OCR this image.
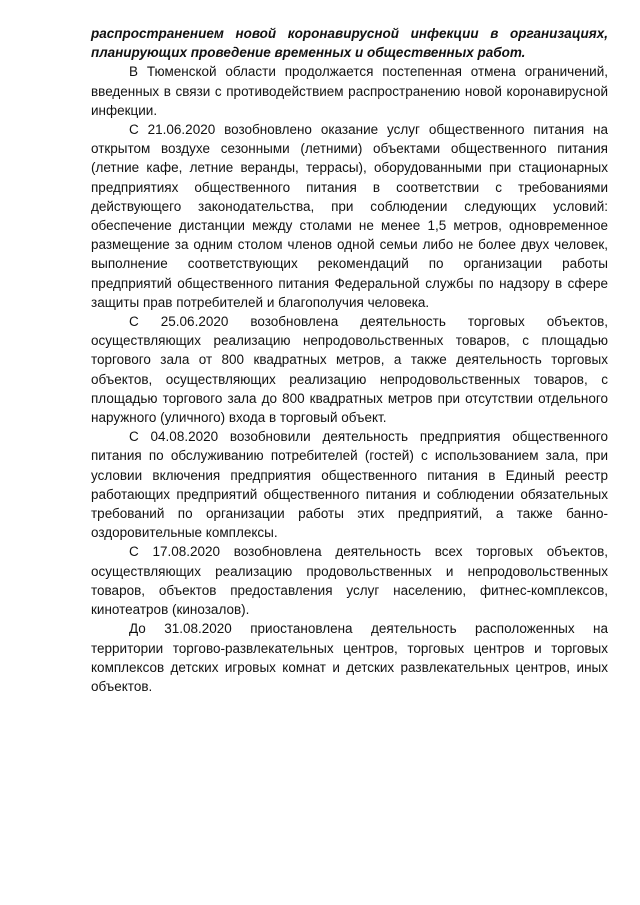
распространением новой коронавирусной инфекции в организациях, планирующих проведение временных и общественных работ.

В Тюменской области продолжается постепенная отмена ограничений, введенных в связи с противодействием распространению новой коронавирусной инфекции.

С 21.06.2020 возобновлено оказание услуг общественного питания на открытом воздухе сезонными (летними) объектами общественного питания (летние кафе, летние веранды, террасы), оборудованными при стационарных предприятиях общественного питания в соответствии с требованиями действующего законодательства, при соблюдении следующих условий: обеспечение дистанции между столами не менее 1,5 метров, одновременное размещение за одним столом членов одной семьи либо не более двух человек, выполнение соответствующих рекомендаций по организации работы предприятий общественного питания Федеральной службы по надзору в сфере защиты прав потребителей и благополучия человека.

С 25.06.2020 возобновлена деятельность торговых объектов, осуществляющих реализацию непродовольственных товаров, с площадью торгового зала от 800 квадратных метров, а также деятельность торговых объектов, осуществляющих реализацию непродовольственных товаров, с площадью торгового зала до 800 квадратных метров при отсутствии отдельного наружного (уличного) входа в торговый объект.

С 04.08.2020 возобновили деятельность предприятия общественного питания по обслуживанию потребителей (гостей) с использованием зала, при условии включения предприятия общественного питания в Единый реестр работающих предприятий общественного питания и соблюдении обязательных требований по организации работы этих предприятий, а также банно-оздоровительные комплексы.

С 17.08.2020 возобновлена деятельность всех торговых объектов, осуществляющих реализацию продовольственных и непродовольственных товаров, объектов предоставления услуг населению, фитнес-комплексов, кинотеатров (кинозалов).

До 31.08.2020 приостановлена деятельность расположенных на территории торгово-развлекательных центров, торговых центров и торговых комплексов детских игровых комнат и детских развлекательных центров, иных объектов.
